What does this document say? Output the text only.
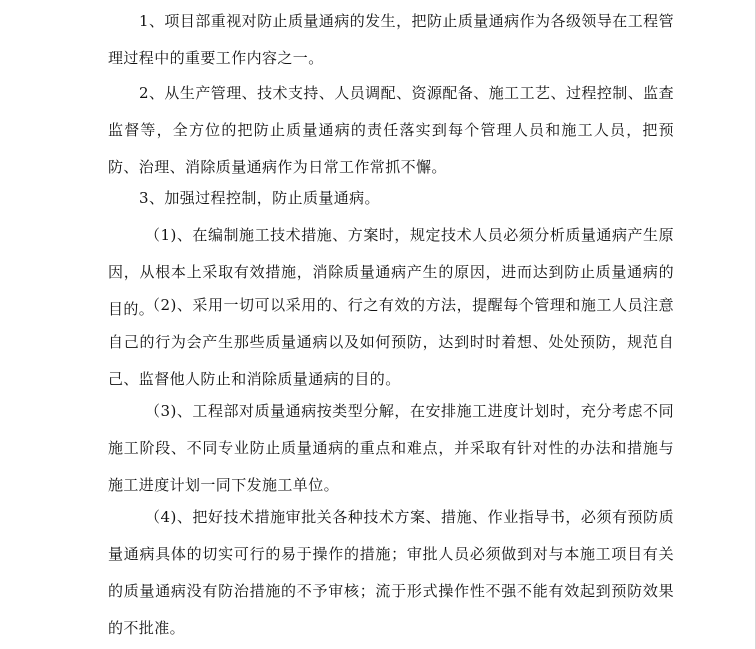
1、项目部重视对防止质量通病的发生，把防止质量通病作为各级领导在工程管理过程中的重要工作内容之一。

2、从生产管理、技术支持、人员调配、资源配备、施工工艺、过程控制、监查监督等，全方位的把防止质量通病的责任落实到每个管理人员和施工人员，把预防、治理、消除质量通病作为日常工作常抓不懈。

3、加强过程控制，防止质量通病。

（1)、在编制施工技术措施、方案时，规定技术人员必须分析质量通病产生原因，从根本上采取有效措施，消除质量通病产生的原因，进而达到防止质量通病的目的。

（2)、采用一切可以采用的、行之有效的方法，提醒每个管理和施工人员注意自己的行为会产生那些质量通病以及如何预防，达到时时着想、处处预防，规范自己、监督他人防止和消除质量通病的目的。

（3)、工程部对质量通病按类型分解，在安排施工进度计划时，充分考虑不同施工阶段、不同专业防止质量通病的重点和难点，并采取有针对性的办法和措施与施工进度计划一同下发施工单位。

（4)、把好技术措施审批关各种技术方案、措施、作业指导书，必须有预防质量通病具体的切实可行的易于操作的措施；审批人员必须做到对与本施工项目有关的质量通病没有防治措施的不予审核；流于形式操作性不强不能有效起到预防效果的不批准。
